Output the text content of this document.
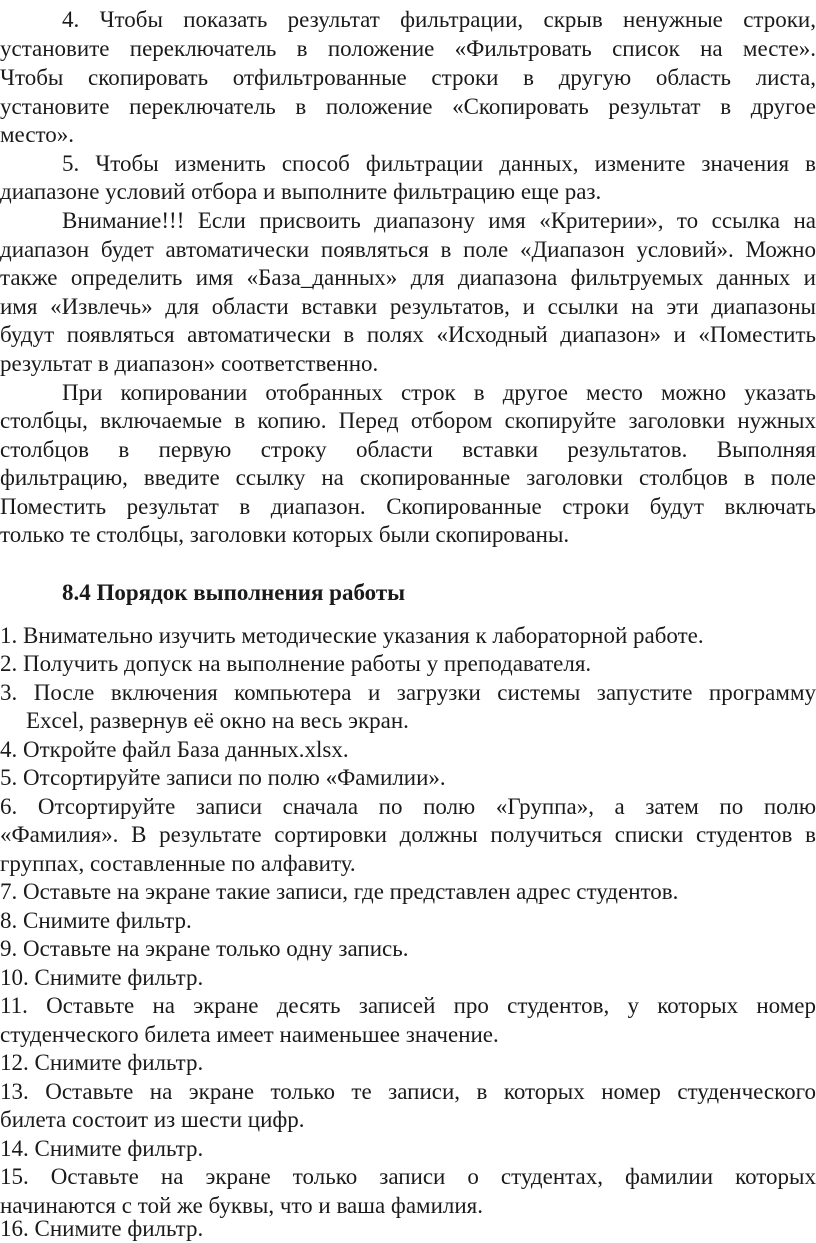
4. Чтобы показать результат фильтрации, скрыв ненужные строки,
установите переключатель в положение «Фильтровать список на месте».
Чтобы скопировать отфильтрованные строки в другую область листа,
установите переключатель в положение «Скопировать результат в другое
место».
5. Чтобы изменить способ фильтрации данных, измените значения в
диапазоне условий отбора и выполните фильтрацию еще раз.
Внимание!!! Если присвоить диапазону имя «Критерии», то ссылка на
диапазон будет автоматически появляться в поле «Диапазон условий». Можно
также определить имя «База_данных» для диапазона фильтруемых данных и
имя «Извлечь» для области вставки результатов, и ссылки на эти диапазоны
будут появляться автоматически в полях «Исходный диапазон» и «Поместить
результат в диапазон» соответственно.
При копировании отобранных строк в другое место можно указать
столбцы, включаемые в копию. Перед отбором скопируйте заголовки нужных
столбцов в первую строку области вставки результатов. Выполняя
фильтрацию, введите ссылку на скопированные заголовки столбцов в поле
Поместить результат в диапазон. Скопированные строки будут включать
только те столбцы, заголовки которых были скопированы.
8.4 Порядок выполнения работы
1. Внимательно изучить методические указания к лабораторной работе.
2. Получить допуск на выполнение работы у преподавателя.
3. После включения компьютера и загрузки системы запустите программу
Excel, развернув её окно на весь экран.
4. Откройте файл База данных.xlsx.
5. Отсортируйте записи по полю «Фамилии».
6. Отсортируйте записи сначала по полю «Группа», а затем по полю
«Фамилия». В результате сортировки должны получиться списки студентов в
группах, составленные по алфавиту.
7. Оставьте на экране такие записи, где представлен адрес студентов.
8. Снимите фильтр.
9. Оставьте на экране только одну запись.
10. Снимите фильтр.
11. Оставьте на экране десять записей про студентов, у которых номер
студенческого билета имеет наименьшее значение.
12. Снимите фильтр.
13. Оставьте на экране только те записи, в которых номер студенческого
билета состоит из шести цифр.
14. Снимите фильтр.
15. Оставьте на экране только записи о студентах, фамилии которых
начинаются с той же буквы, что и ваша фамилия.
16. Снимите фильтр.
